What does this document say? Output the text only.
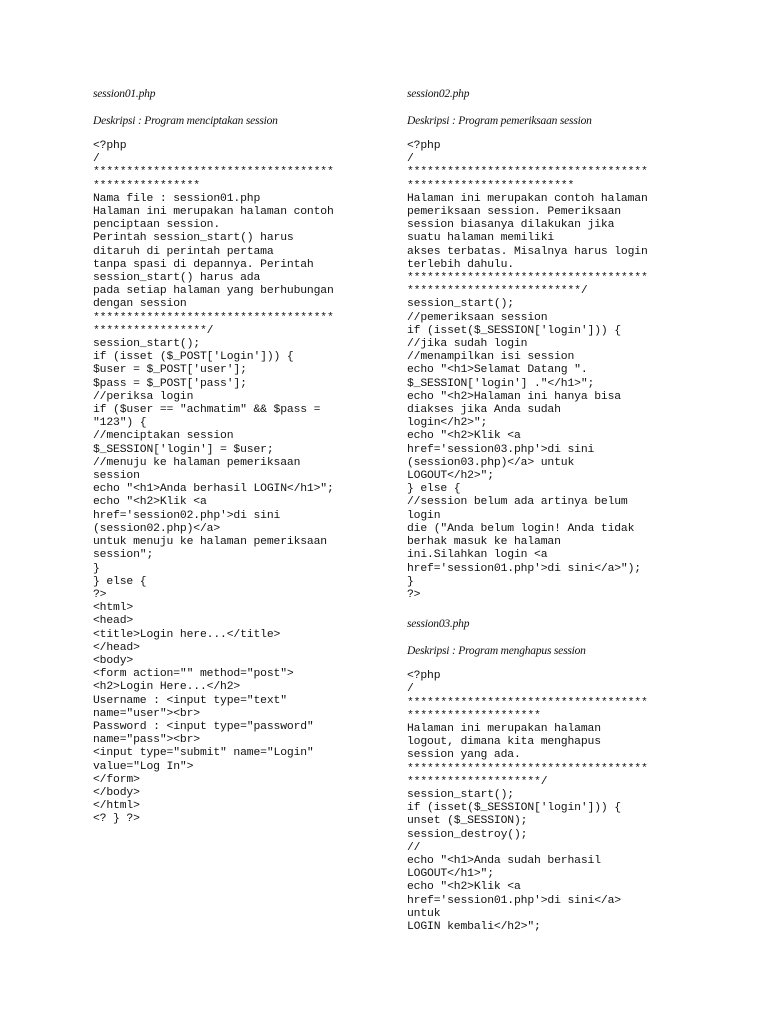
session01.php
Deskripsi : Program menciptakan session
<?php
/
************************************
****************
Nama file : session01.php
Halaman ini merupakan halaman contoh
penciptaan session.
Perintah session_start() harus
ditaruh di perintah pertama
tanpa spasi di depannya. Perintah
session_start() harus ada
pada setiap halaman yang berhubungan
dengan session
************************************
*****************/
session_start();
if (isset ($_POST['Login'])) {
$user = $_POST['user'];
$pass = $_POST['pass'];
//periksa login
if ($user == "achmatim" && $pass =
"123") {
//menciptakan session
$_SESSION['login'] = $user;
//menuju ke halaman pemeriksaan
session
echo "<h1>Anda berhasil LOGIN</h1>";
echo "<h2>Klik <a
href='session02.php'>di sini
(session02.php)</a>
untuk menuju ke halaman pemeriksaan
session";
}
} else {
?>
<html>
<head>
<title>Login here...</title>
</head>
<body>
<form action="" method="post">
<h2>Login Here...</h2>
Username : <input type="text"
name="user"><br>
Password : <input type="password"
name="pass"><br>
<input type="submit" name="Login"
value="Log In">
</form>
</body>
</html>
<? } ?>
session02.php
Deskripsi : Program pemeriksaan session
<?php
/
************************************
*************************
Halaman ini merupakan contoh halaman
pemeriksaan session. Pemeriksaan
session biasanya dilakukan jika
suatu halaman memiliki
akses terbatas. Misalnya harus login
terlebih dahulu.
************************************
**************************/
session_start();
//pemeriksaan session
if (isset($_SESSION['login'])) {
//jika sudah login
//menampilkan isi session
echo "<h1>Selamat Datang ".
$_SESSION['login'] ."</h1>";
echo "<h2>Halaman ini hanya bisa
diakses jika Anda sudah
login</h2>";
echo "<h2>Klik <a
href='session03.php'>di sini
(session03.php)</a> untuk
LOGOUT</h2>";
} else {
//session belum ada artinya belum
login
die ("Anda belum login! Anda tidak
berhak masuk ke halaman
ini.Silahkan login <a
href='session01.php'>di sini</a>");
}
?>
session03.php
Deskripsi : Program menghapus session
<?php
/
************************************
********************
Halaman ini merupakan halaman
logout, dimana kita menghapus
session yang ada.
************************************
********************/
session_start();
if (isset($_SESSION['login'])) {
unset ($_SESSION);
session_destroy();
//
echo "<h1>Anda sudah berhasil
LOGOUT</h1>";
echo "<h2>Klik <a
href='session01.php'>di sini</a>
untuk
LOGIN kembali</h2>";
